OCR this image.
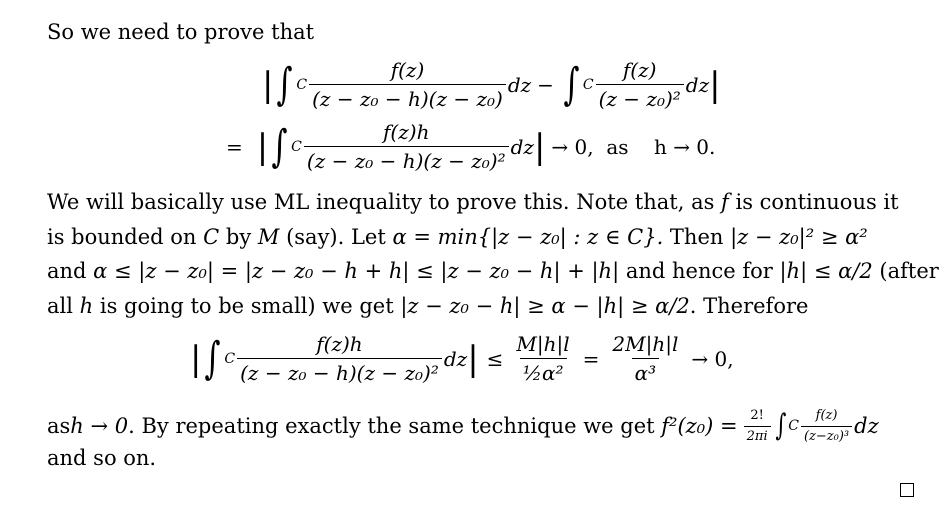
So we need to prove that
| ∫ C $\frac{f(z)}{\text{(z − z₀ − h)(z − z₀)}}$ dz − ∫ C $\frac{f(z)}{\text{(z − z₀)²}}$ dz |
= | ∫ C $\frac{f(z)h}{\text{(z − z₀ − h)(z − z₀)²}}$ dz | → 0,  as    h → 0.
We will basically use ML inequality to prove this. Note that, as f is continuous it
is bounded on C by M (say). Let α = min{|z − z₀| : z ∈ C}. Then |z − z₀|² ≥ α²
and α ≤ |z − z₀| = |z − z₀ − h + h| ≤ |z − z₀ − h| + |h| and hence for |h| ≤ α/2 (after
all h is going to be small) we get |z − z₀ − h| ≥ α − |h| ≥ α/2. Therefore
| ∫ C $\frac{f(z)h}{\text{(z − z₀ − h)(z − z₀)²}}$ dz | ≤ $\frac{M|h|l}{\text{½α²}} = \frac{2M|h|l}{\text{α³}} \to 0$,
as h → 0 . By repeating exactly the same technique we get $f^2(z_0) = \frac{2!}{2\pi i}$ ∫ C $\frac{f(z)}{\text{(z−z₀)³}}$ dz
and so on.
